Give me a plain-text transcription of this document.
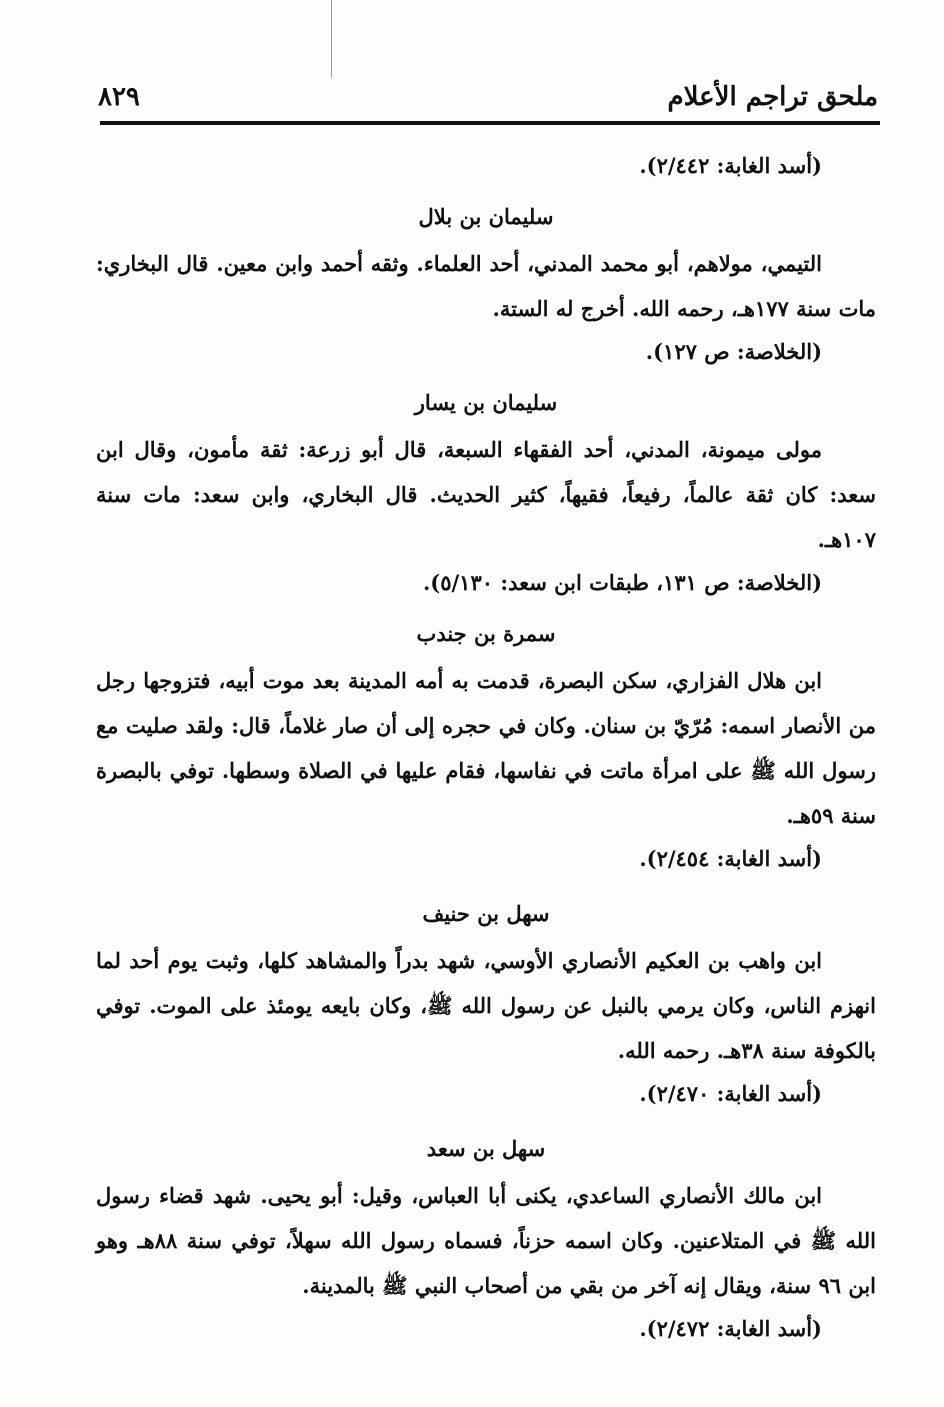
ملحق تراجم الأعلام
٨٢٩
(أسد الغابة: ٢/٤٤٢).
سليمان بن بلال
التيمي، مولاهم، أبو محمد المدني، أحد العلماء. وثقه أحمد وابن معين. قال البخاري: مات سنة ١٧٧هـ، رحمه الله. أخرج له الستة.
(الخلاصة: ص ١٢٧).
سليمان بن يسار
مولى ميمونة، المدني، أحد الفقهاء السبعة، قال أبو زرعة: ثقة مأمون، وقال ابن سعد: كان ثقة عالماً، رفيعاً، فقيهاً، كثير الحديث. قال البخاري، وابن سعد: مات سنة ١٠٧هـ.
(الخلاصة: ص ١٣١، طبقات ابن سعد: ٥/١٣٠).
سمرة بن جندب
ابن هلال الفزاري، سكن البصرة، قدمت به أمه المدينة بعد موت أبيه، فتزوجها رجل من الأنصار اسمه: مُرّيّ بن سنان. وكان في حجره إلى أن صار غلاماً، قال: ولقد صليت مع رسول الله ﷺ على امرأة ماتت في نفاسها، فقام عليها في الصلاة وسطها. توفي بالبصرة سنة ٥٩هـ.
(أسد الغابة: ٢/٤٥٤).
سهل بن حنيف
ابن واهب بن العكيم الأنصاري الأوسي، شهد بدراً والمشاهد كلها، وثبت يوم أحد لما انهزم الناس، وكان يرمي بالنبل عن رسول الله ﷺ، وكان بايعه يومئذ على الموت. توفي بالكوفة سنة ٣٨هـ. رحمه الله.
(أسد الغابة: ٢/٤٧٠).
سهل بن سعد
ابن مالك الأنصاري الساعدي، يكنى أبا العباس، وقيل: أبو يحيى. شهد قضاء رسول الله ﷺ في المتلاعنين. وكان اسمه حزناً، فسماه رسول الله سهلاً، توفي سنة ٨٨هـ وهو ابن ٩٦ سنة، ويقال إنه آخر من بقي من أصحاب النبي ﷺ بالمدينة.
(أسد الغابة: ٢/٤٧٢).
